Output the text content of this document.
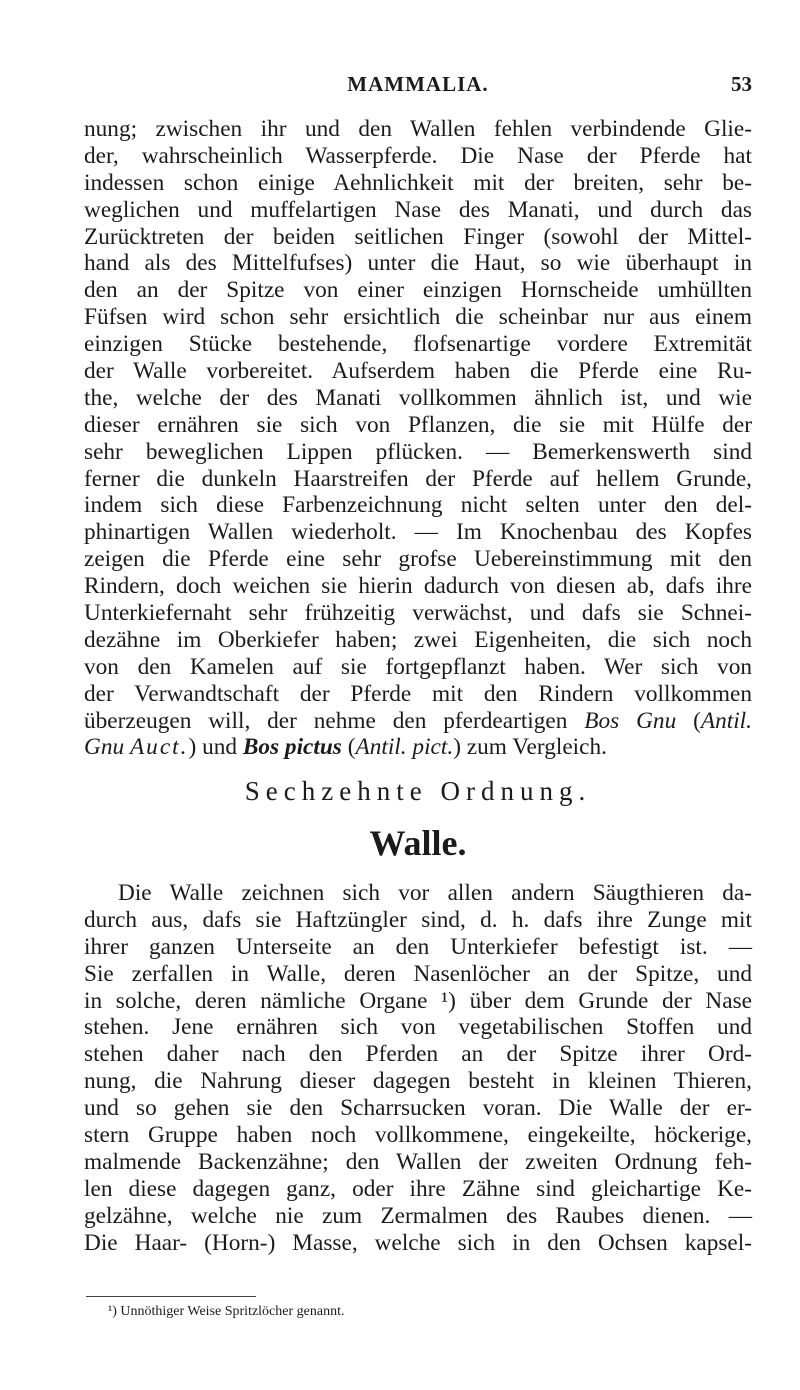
MAMMALIA.	53
nung; zwischen ihr und den Wallen fehlen verbindende Glie-
der, wahrscheinlich Wasserpferde. Die Nase der Pferde hat
indessen schon einige Aehnlichkeit mit der breiten, sehr be-
weglichen und muffelartigen Nase des Manati, und durch das
Zurücktreten der beiden seitlichen Finger (sowohl der Mittel-
hand als des Mittelfufses) unter die Haut, so wie überhaupt in
den an der Spitze von einer einzigen Hornscheide umhüllten
Füfsen wird schon sehr ersichtlich die scheinbar nur aus einem
einzigen Stücke bestehende, flofsenartige vordere Extremität
der Walle vorbereitet. Aufserdem haben die Pferde eine Ru-
the, welche der des Manati vollkommen ähnlich ist, und wie
dieser ernähren sie sich von Pflanzen, die sie mit Hülfe der
sehr beweglichen Lippen pflücken. — Bemerkenswerth sind
ferner die dunkeln Haarstreifen der Pferde auf hellem Grunde,
indem sich diese Farbenzeichnung nicht selten unter den del-
phinartigen Wallen wiederholt. — Im Knochenbau des Kopfes
zeigen die Pferde eine sehr grofse Uebereinstimmung mit den
Rindern, doch weichen sie hierin dadurch von diesen ab, dafs ihre
Unterkiefernaht sehr frühzeitig verwächst, und dafs sie Schnei-
dezähne im Oberkiefer haben; zwei Eigenheiten, die sich noch
von den Kamelen auf sie fortgepflanzt haben. Wer sich von
der Verwandtschaft der Pferde mit den Rindern vollkommen
überzeugen will, der nehme den pferdeartigen Bos Gnu (Antil.
Gnu Auct.) und Bos pictus (Antil. pict.) zum Vergleich.
Sechzehnte Ordnung.
Walle.
Die Walle zeichnen sich vor allen andern Säugthieren da-
durch aus, dafs sie Haftzüngler sind, d. h. dafs ihre Zunge mit
ihrer ganzen Unterseite an den Unterkiefer befestigt ist. —
Sie zerfallen in Walle, deren Nasenlöcher an der Spitze, und
in solche, deren nämliche Organe ¹) über dem Grunde der Nase
stehen. Jene ernähren sich von vegetabilischen Stoffen und
stehen daher nach den Pferden an der Spitze ihrer Ord-
nung, die Nahrung dieser dagegen besteht in kleinen Thieren,
und so gehen sie den Scharrsucken voran. Die Walle der er-
stern Gruppe haben noch vollkommene, eingekeilte, höckerige,
malmende Backenzähne; den Wallen der zweiten Ordnung feh-
len diese dagegen ganz, oder ihre Zähne sind gleichartige Ke-
gelzähne, welche nie zum Zermalmen des Raubes dienen. —
Die Haar- (Horn-) Masse, welche sich in den Ochsen kapsel-
¹) Unnöthiger Weise Spritzlöcher genannt.
